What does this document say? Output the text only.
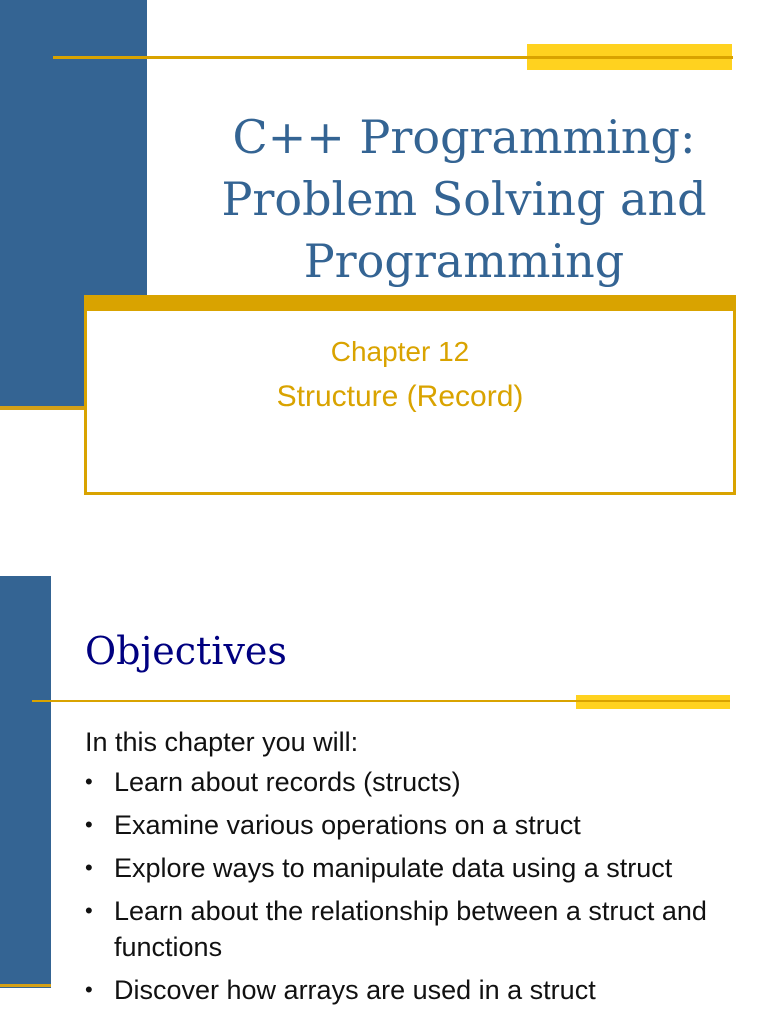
C++ Programming:
Problem Solving and
Programming
Chapter 12
Structure (Record)
Objectives
In this chapter you will:
• Learn about records (structs)
• Examine various operations on a struct
• Explore ways to manipulate data using a struct
• Learn about the relationship between a struct and functions
• Discover how arrays are used in a struct
